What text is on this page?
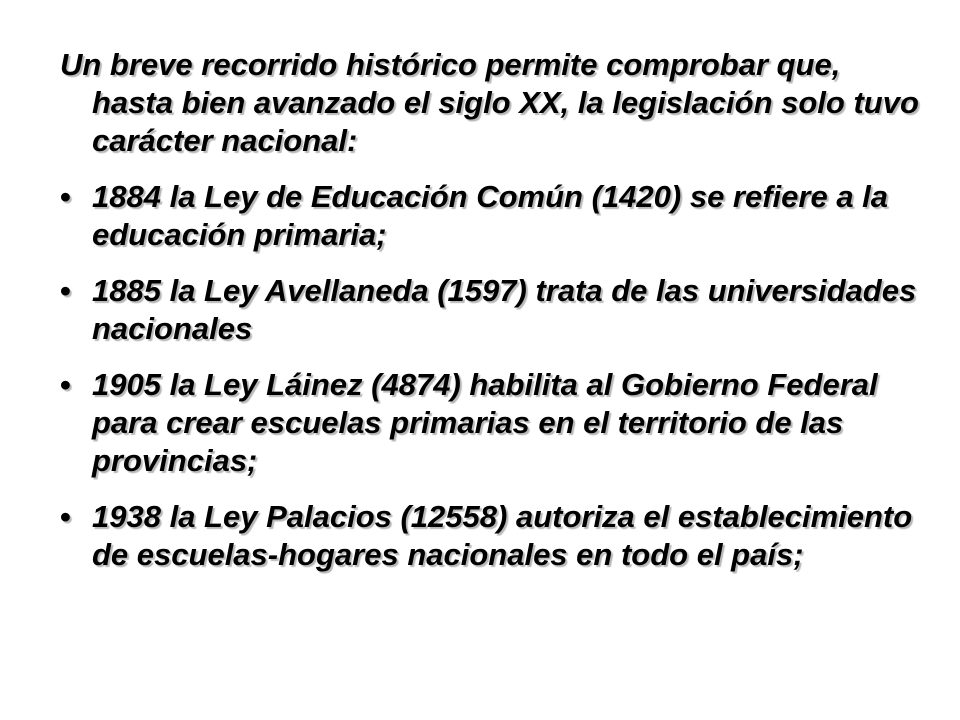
Un breve recorrido histórico permite comprobar que, hasta bien avanzado el siglo XX, la legislación solo tuvo carácter nacional:

• 1884 la Ley de Educación Común (1420) se refiere a la educación primaria;
• 1885 la Ley Avellaneda (1597) trata de las universidades nacionales
• 1905 la Ley Láinez (4874) habilita al Gobierno Federal para crear escuelas primarias en el territorio de las provincias;
• 1938 la Ley Palacios (12558) autoriza el establecimiento de escuelas-hogares nacionales en todo el país;
